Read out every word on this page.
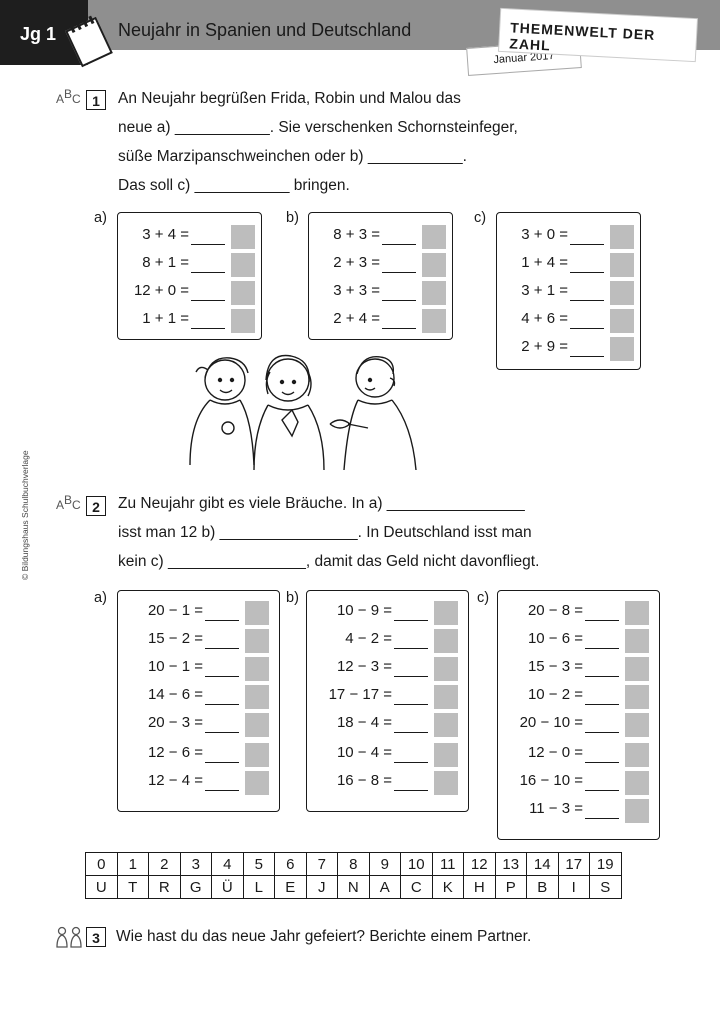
Jg 1	Neujahr in Spanien und Deutschland
Januar 2017
THEMENWELT DER ZAHL
© Bildungshaus Schulbuchverlage
ABC 1	An Neujahr begrüßen Frida, Robin und Malou das
neue a) ___________. Sie verschenken Schornsteinfeger,
süße Marzipanschweinchen oder b) ___________.
Das soll c) ___________ bringen.
a)
3 + 4 =
8 + 1 =
12 + 0 =
1 + 1 =
b)
8 + 3 =
2 + 3 =
3 + 3 =
2 + 4 =
c)
3 + 0 =
1 + 4 =
3 + 1 =
4 + 6 =
2 + 9 =
ABC 2	Zu Neujahr gibt es viele Bräuche. In a) ________________
isst man 12 b) ________________. In Deutschland isst man
kein c) ________________, damit das Geld nicht davonfliegt.
a)
20 − 1 =
15 − 2 =
10 − 1 =
14 − 6 =
20 − 3 =
12 − 6 =
12 − 4 =
b)
10 − 9 =
4 − 2 =
12 − 3 =
17 − 17 =
18 − 4 =
10 − 4 =
16 − 8 =
c)
20 − 8 =
10 − 6 =
15 − 3 =
10 − 2 =
20 − 10 =
12 − 0 =
16 − 10 =
11 − 3 =
0	1	2	3	4	5	6	7	8	9	10	11	12	13	14	17	19
U	T	R	G	Ü	L	E	J	N	A	C	K	H	P	B	I	S
3	Wie hast du das neue Jahr gefeiert? Berichte einem Partner.
